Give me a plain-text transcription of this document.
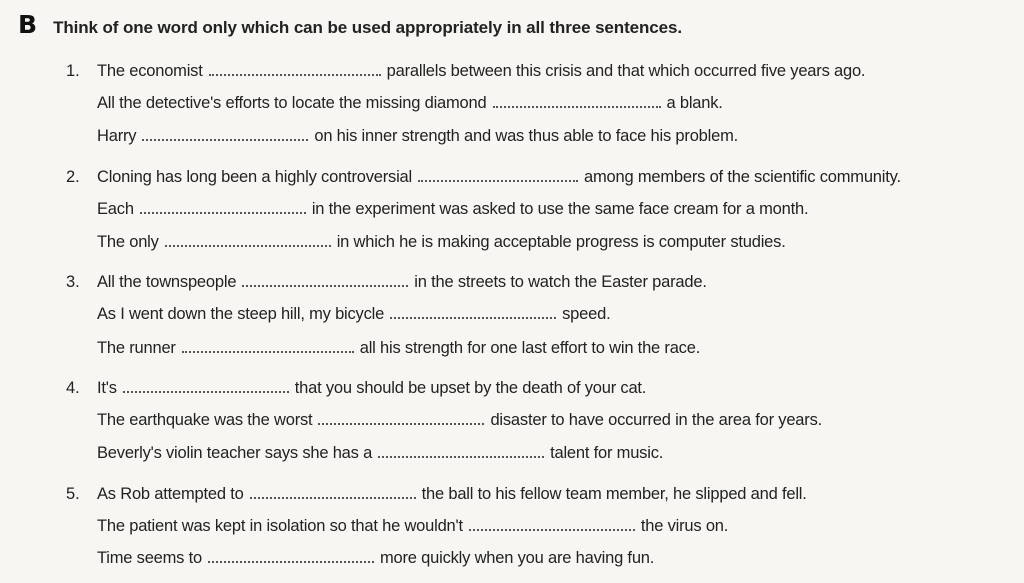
B Think of one word only which can be used appropriately in all three sentences.
1. The economist	parallels between this crisis and that which occurred five years ago.
All the detective's efforts to locate the missing diamond	a blank.
Harry	on his inner strength and was thus able to face his problem.
2. Cloning has long been a highly controversial	among members of the scientific community.
Each	in the experiment was asked to use the same face cream for a month.
The only	in which he is making acceptable progress is computer studies.
3. All the townspeople	in the streets to watch the Easter parade.
As I went down the steep hill, my bicycle	speed.
The runner	all his strength for one last effort to win the race.
4. It's	that you should be upset by the death of your cat.
The earthquake was the worst	disaster to have occurred in the area for years.
Beverly's violin teacher says she has a	talent for music.
5. As Rob attempted to	the ball to his fellow team member, he slipped and fell.
The patient was kept in isolation so that he wouldn't	the virus on.
Time seems to	more quickly when you are having fun.
